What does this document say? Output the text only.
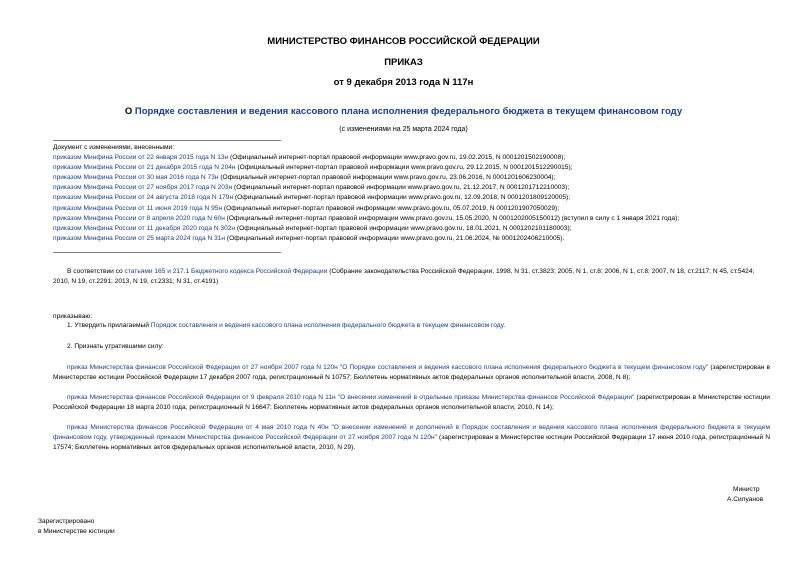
МИНИСТЕРСТВО ФИНАНСОВ РОССИЙСКОЙ ФЕДЕРАЦИИ
ПРИКАЗ
от 9 декабря 2013 года N 117н
О Порядке составления и ведения кассового плана исполнения федерального бюджета в текущем финансовом году
(с изменениями на 25 марта 2024 года)
Документ с изменениями, внесенными:
приказом Минфина России от 22 января 2015 года N 13н (Официальный интернет-портал правовой информации www.pravo.gov.ru, 19.02.2015, N 0001201502190008);
приказом Минфина России от 21 декабря 2015 года N 204н (Официальный интернет-портал правовой информации www.pravo.gov.ru, 29.12.2015, N 0001201512290015);
приказом Минфина России от 30 мая 2016 года N 73н (Официальный интернет-портал правовой информации www.pravo.gov.ru, 23.06.2016, N 0001201606230004);
приказом Минфина России от 27 ноября 2017 года N 203н (Официальный интернет-портал правовой информации www.pravo.gov.ru, 21.12.2017, N 0001201712210003);
приказом Минфина России от 24 августа 2018 года N 179н (Официальный интернет-портал правовой информации www.pravo.gov.ru, 12.09.2018, N 0001201809120005);
приказом Минфина России от 11 июня 2019 года N 95н (Официальный интернет-портал правовой информации www.pravo.gov.ru, 05.07.2019, N 0001201907050029);
приказом Минфина России от 8 апреля 2020 года N 60н (Официальный интернет-портал правовой информации www.pravo.gov.ru, 15.05.2020, N 0001202005150012) (вступил в силу с 1 января 2021 года);
приказом Минфина России от 11 декабря 2020 года N 302н (Официальный интернет-портал правовой информации www.pravo.gov.ru, 18.01.2021, N 0001202101180003);
приказом Минфина России от 25 марта 2024 года N 31н (Официальный интернет-портал правовой информации www.pravo.gov.ru, 21.06.2024, № 0001202406210005).
В соответствии со статьями 165 и 217.1 Бюджетного кодекса Российской Федерации (Собрание законодательства Российской Федерации, 1998, N 31, ст.3823; 2005, N 1, ст.8; 2006, N 1, ст.8; 2007, N 18, ст.2117; N 45, ст.5424; 2010, N 19, ст.2291; 2013, N 19, ст.2331; N 31, ст.4191)
приказываю:
1. Утвердить прилагаемый Порядок составления и ведения кассового плана исполнения федерального бюджета в текущем финансовом году.
2. Признать утратившими силу:
приказ Министерства финансов Российской Федерации от 27 ноября 2007 года N 120н "О Порядке составления и ведения кассового плана исполнения федерального бюджета в текущем финансовом году" (зарегистрирован в Министерстве юстиции Российской Федерации 17 декабря 2007 года, регистрационный N 10757; Бюллетень нормативных актов федеральных органов исполнительной власти, 2008, N 8);
приказ Министерства финансов Российской Федерации от 9 февраля 2010 года N 11н "О внесении изменений в отдельные приказы Министерства финансов Российской Федерации" (зарегистрирован в Министерстве юстиции Российской Федерации 18 марта 2010 года, регистрационный N 16647; Бюллетень нормативных актов федеральных органов исполнительной власти, 2010, N 14);
приказ Министерства финансов Российской Федерации от 4 мая 2010 года N 40н "О внесении изменений и дополнений в Порядок составления и ведения кассового плана исполнения федерального бюджета в текущем финансовом году, утвержденный приказом Министерства финансов Российской Федерации от 27 ноября 2007 года N 120н" (зарегистрирован в Министерстве юстиции Российской Федерации 17 июня 2010 года, регистрационный N 17574; Бюллетень нормативных актов федеральных органов исполнительной власти, 2010, N 29).
Министр
А.Силуанов
Зарегистрировано
в Министерстве юстиции
